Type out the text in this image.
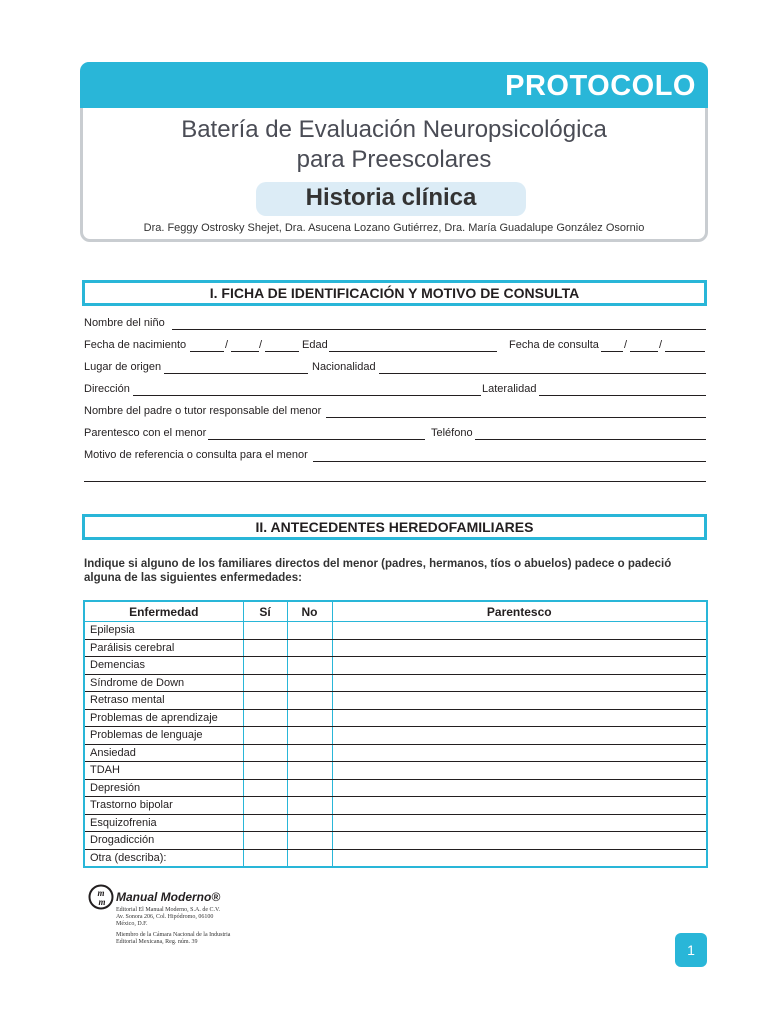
PROTOCOLO
Batería de Evaluación Neuropsicológica
para Preescolares
Historia clínica
Dra. Feggy Ostrosky Shejet, Dra. Asucena Lozano Gutiérrez, Dra. María Guadalupe González Osornio
I. FICHA DE IDENTIFICACIÓN Y MOTIVO DE CONSULTA
Nombre del niño
Fecha de nacimiento	/	/	Edad	Fecha de consulta /	/
Lugar de origen	Nacionalidad
Dirección	Lateralidad
Nombre del padre o tutor responsable del menor
Parentesco con el menor	Teléfono
Motivo de referencia o consulta para el menor
II. ANTECEDENTES HEREDOFAMILIARES
Indique si alguno de los familiares directos del menor (padres, hermanos, tíos o abuelos) padece o padeció alguna de las siguientes enfermedades:
Enfermedad	Sí	No	Parentesco
Epilepsia			
Parálisis cerebral			
Demencias			
Síndrome de Down			
Retraso mental			
Problemas de aprendizaje			
Problemas de lenguaje			
Ansiedad			
TDAH			
Depresión			
Trastorno bipolar			
Esquizofrenia			
Drogadicción			
Otra (describa):			
m
m Manual Moderno®
Editorial El Manual Moderno, S.A. de C.V.
Av. Sonora 206, Col. Hipódromo, 06100
México, D.F.
Miembro de la Cámara Nacional de la Industria
Editorial Mexicana, Reg. núm. 39	1
